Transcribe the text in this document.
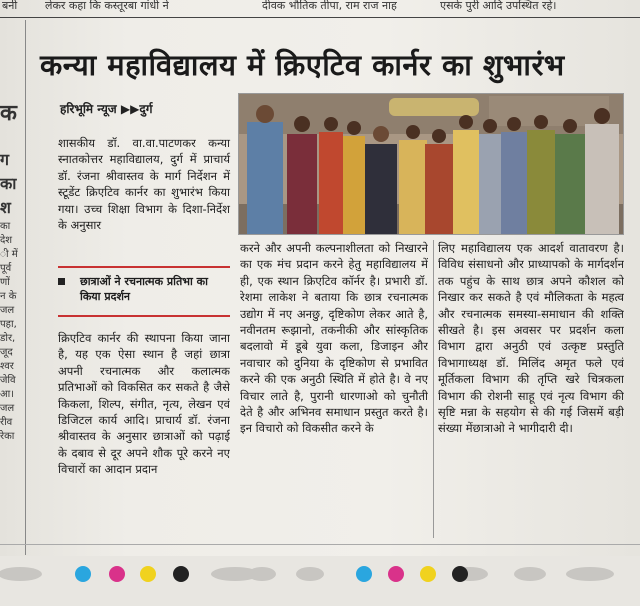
बनी	लेकर कहा कि कस्तूरबा गांधी ने	दीवक भौतिक तीपा, राम राज नाह	एसके पुरी आदि उपस्थित रहे।
कन्या महाविद्यालय में क्रिएटिव कार्नर का शुभारंभ
क
ग
का
श
का
देश
ी में
पूर्व
णों
न के
जल
पहा,
डोर,
जूद
श्वर
जेवि
आ।
जल
रीव
रेका
हरिभूमि न्यूज ▶▶दुर्ग

शासकीय डॉ. वा.वा.पाटणकर कन्या स्नातकोत्तर महाविद्यालय, दुर्ग में प्राचार्य डॉ. रंजना श्रीवास्तव के मार्ग निर्देशन में स्टूडेंट क्रिएटिव कार्नर का शुभारंभ किया गया। उच्च शिक्षा विभाग के दिशा-निर्देश के अनुसार

छात्राओं ने रचनात्मक प्रतिभा का किया प्रदर्शन

क्रिएटिव कार्नर की स्थापना किया जाना है, यह एक ऐसा स्थान है जहां छात्रा अपनी रचनात्मक और कलात्मक प्रतिभाओं को विकसित कर सकते है जैसे किकला, शिल्प, संगीत, नृत्य, लेखन एवं डिजिटल कार्य आदि। प्राचार्य डॉ. रंजना श्रीवास्तव के अनुसार छात्राओं को पढ़ाई के दबाव से दूर अपने शौक पूरे करने नए विचारों का आदान प्रदान

करने और अपनी कल्पनाशीलता को निखारने का एक मंच प्रदान करने हेतु महाविद्यालय में ही, एक स्थान क्रिएटिव कॉर्नर है। प्रभारी डॉ. रेशमा लाकेश ने बताया कि छात्र रचनात्मक उद्योग में नए अनछु, दृष्टिकोण लेकर आते है, नवीनतम रूझानो, तकनीकी और सांस्कृतिक बदलावो में डूबे युवा कला, डिजाइन और नवाचार को दुनिया के दृष्टिकोण से प्रभावित करने की एक अनुठी स्थिति में होते है। वे नए विचार लाते है, पुरानी धारणाओ को चुनौती देते है और अभिनव समाधान प्रस्तुत करते है। इन विचारो को विकसीत करने के

लिए महाविद्यालय एक आदर्श वातावरण है। विविध संसाधनो और प्राध्यापको के मार्गदर्शन तक पहुंच के साथ छात्र अपने कौशल को निखार कर सकते है एवं मौलिकता के महत्व और रचनात्मक समस्या-समाधान की शक्ति सीखते है। इस अवसर पर प्रदर्शन कला विभाग द्वारा अनुठी एवं उत्कृष्ट प्रस्तुति विभागाध्यक्ष डॉ. मिलिंद अमृत फले एवं मूर्तिकला विभाग की तृप्ति खरे चित्रकला विभाग की रोशनी साहू एवं नृत्य विभाग की सृष्टि मन्ना के सहयोग से की गई जिसमें बड़ी संख्या मेंछात्राओ ने भागीदारी दी।
